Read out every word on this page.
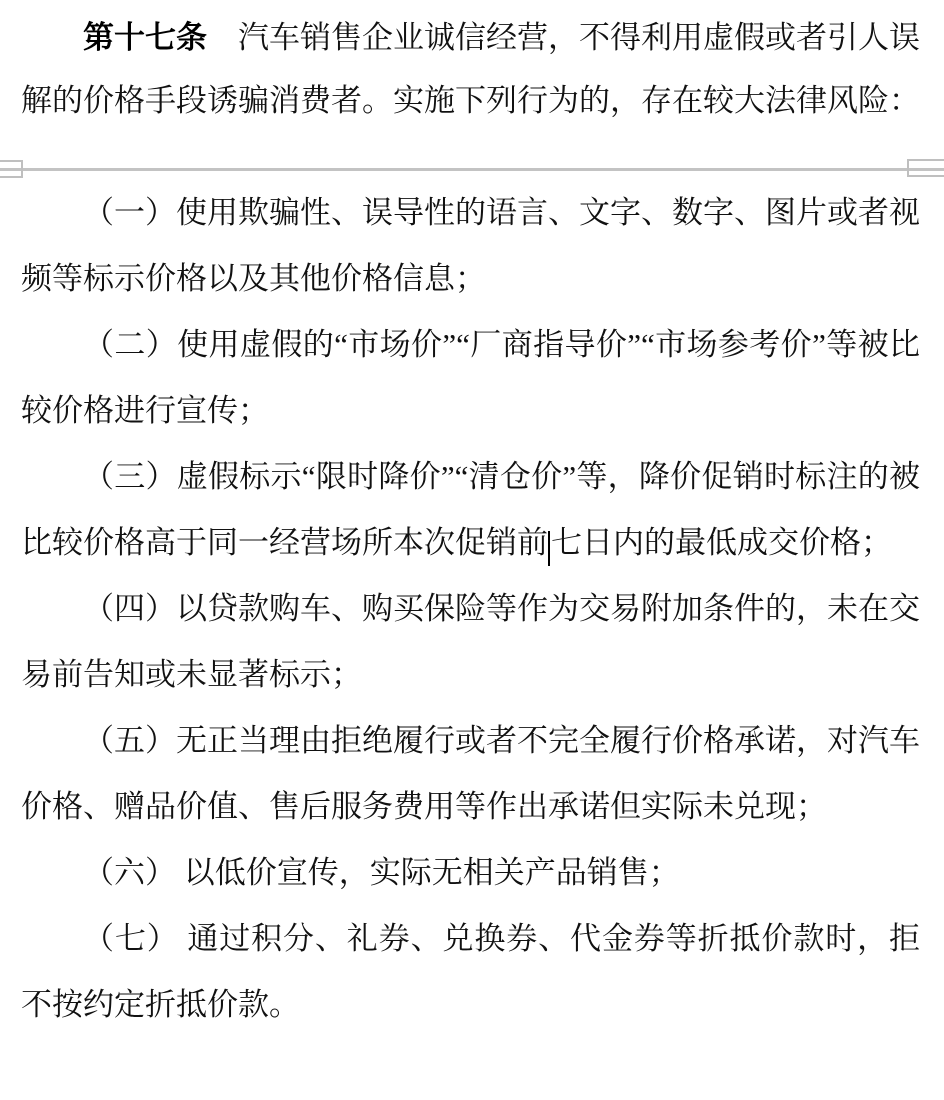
第十七条　汽车销售企业诚信经营，不得利用虚假或者引人误解的价格手段诱骗消费者。实施下列行为的，存在较大法律风险：

（一）使用欺骗性、误导性的语言、文字、数字、图片或者视频等标示价格以及其他价格信息；

（二）使用虚假的“市场价”“厂商指导价”“市场参考价”等被比较价格进行宣传；

（三）虚假标示“限时降价”“清仓价”等，降价促销时标注的被比较价格高于同一经营场所本次促销前七日内的最低成交价格；

（四）以贷款购车、购买保险等作为交易附加条件的，未在交易前告知或未显著标示；

（五）无正当理由拒绝履行或者不完全履行价格承诺，对汽车价格、赠品价值、售后服务费用等作出承诺但实际未兑现；

（六） 以低价宣传，实际无相关产品销售；

（七） 通过积分、礼券、兑换券、代金券等折抵价款时，拒不按约定折抵价款。
